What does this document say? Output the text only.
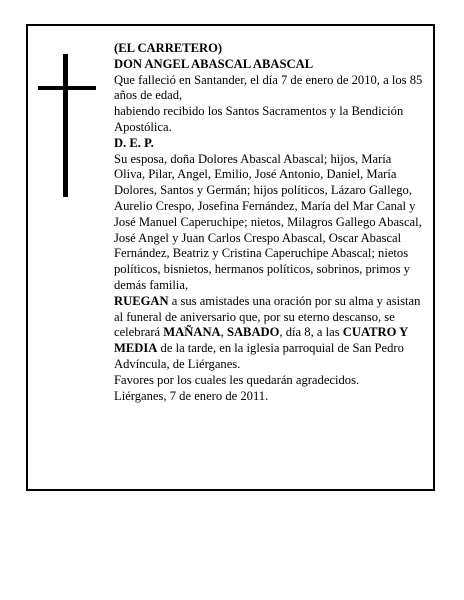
(EL CARRETERO)

DON ANGEL ABASCAL ABASCAL

Que falleció en Santander, el día 7 de enero de 2010, a los 85 años de edad,

habiendo recibido los Santos Sacramentos y la Bendición Apostólica.

D. E. P.

Su esposa, doña Dolores Abascal Abascal; hijos, María Oliva, Pilar, Angel, Emilio, José Antonio, Daniel, María Dolores, Santos y Germán; hijos políticos, Lázaro Gallego, Aurelio Crespo, Josefina Fernández, María del Mar Canal y José Manuel Caperuchipe; nietos, Milagros Gallego Abascal, José Angel y Juan Carlos Crespo Abascal, Oscar Abascal Fernández, Beatriz y Cristina Caperuchipe Abascal; nietos políticos, bisnietos, hermanos políticos, sobrinos, primos y demás familia,

RUEGAN a sus amistades una oración por su alma y asistan al funeral de aniversario que, por su eterno descanso, se celebrará MAÑANA, SABADO, día 8, a las CUATRO Y MEDIA de la tarde, en la iglesia parroquial de San Pedro Advíncula, de Liérganes.

Favores por los cuales les quedarán agradecidos.

Liérganes, 7 de enero de 2011.
